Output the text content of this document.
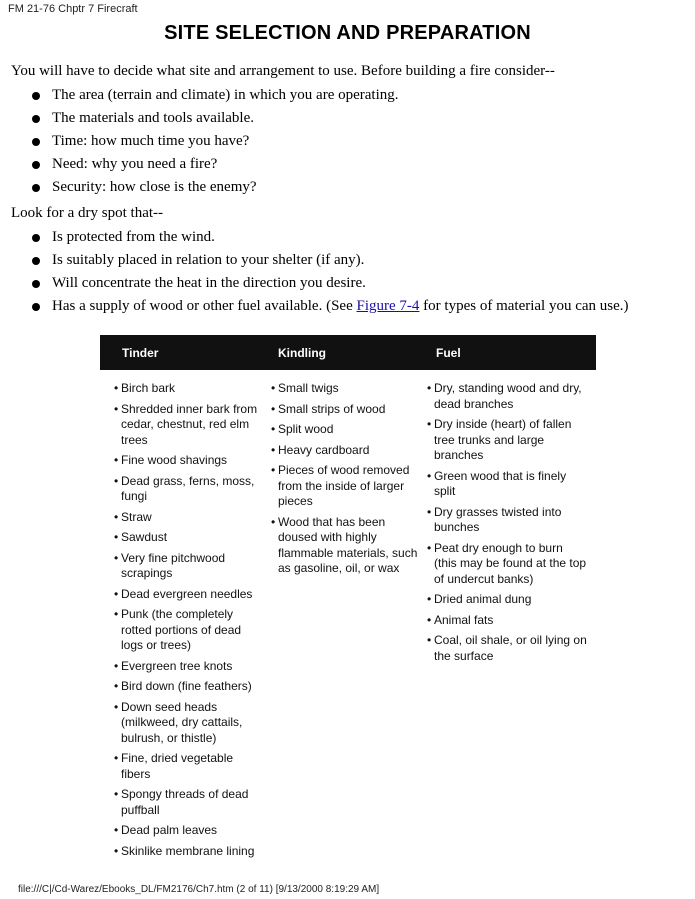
FM 21-76 Chptr 7 Firecraft
SITE SELECTION AND PREPARATION
You will have to decide what site and arrangement to use. Before building a fire consider--
The area (terrain and climate) in which you are operating.
The materials and tools available.
Time: how much time you have?
Need: why you need a fire?
Security: how close is the enemy?
Look for a dry spot that--
Is protected from the wind.
Is suitably placed in relation to your shelter (if any).
Will concentrate the heat in the direction you desire.
Has a supply of wood or other fuel available. (See Figure 7-4 for types of material you can use.)
Tinder	Kindling	Fuel
• Birch bark
• Shredded inner bark from cedar, chestnut, red elm trees
• Fine wood shavings
• Dead grass, ferns, moss, fungi
• Straw
• Sawdust
• Very fine pitchwood scrapings
• Dead evergreen needles
• Punk (the completely rotted portions of dead logs or trees)
• Evergreen tree knots
• Bird down (fine feathers)
• Down seed heads (milkweed, dry cattails, bulrush, or thistle)
• Fine, dried vegetable fibers
• Spongy threads of dead puffball
• Dead palm leaves
• Skinlike membrane lining
• Small twigs
• Small strips of wood
• Split wood
• Heavy cardboard
• Pieces of wood removed from the inside of larger pieces
• Wood that has been doused with highly flammable materials, such as gasoline, oil, or wax
• Dry, standing wood and dry, dead branches
• Dry inside (heart) of fallen tree trunks and large branches
• Green wood that is finely split
• Dry grasses twisted into bunches
• Peat dry enough to burn (this may be found at the top of undercut banks)
• Dried animal dung
• Animal fats
• Coal, oil shale, or oil lying on the surface
file:///C|/Cd-Warez/Ebooks_DL/FM2176/Ch7.htm (2 of 11) [9/13/2000 8:19:29 AM]
